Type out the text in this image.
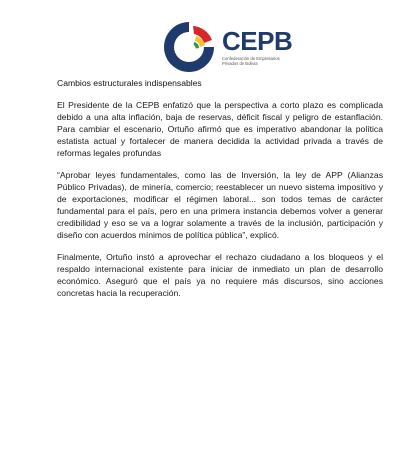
CEPB
Confederación de Empresarios Privados de Bolivia

Cambios estructurales indispensables

El Presidente de la CEPB enfatizó que la perspectiva a corto plazo es complicada debido a una alta inflación, baja de reservas, déficit fiscal y peligro de estanflación. Para cambiar el escenario, Ortuño afirmó que es imperativo abandonar la política estatista actual y fortalecer de manera decidida la actividad privada a través de reformas legales profundas

“Aprobar leyes fundamentales, como las de Inversión, la ley de APP (Alianzas Público Privadas), de minería, comercio; reestablecer un nuevo sistema impositivo y de exportaciones, modificar el régimen laboral... son todos temas de carácter fundamental para el país, pero en una primera instancia debemos volver a generar credibilidad y eso se va a lograr solamente a través de la inclusión, participación y diseño con acuerdos mínimos de política pública”, explicó.

Finalmente, Ortuño instó a aprovechar el rechazo ciudadano a los bloqueos y el respaldo internacional existente para iniciar de inmediato un plan de desarrollo económico. Aseguró que el país ya no requiere más discursos, sino acciones concretas hacia la recuperación.
